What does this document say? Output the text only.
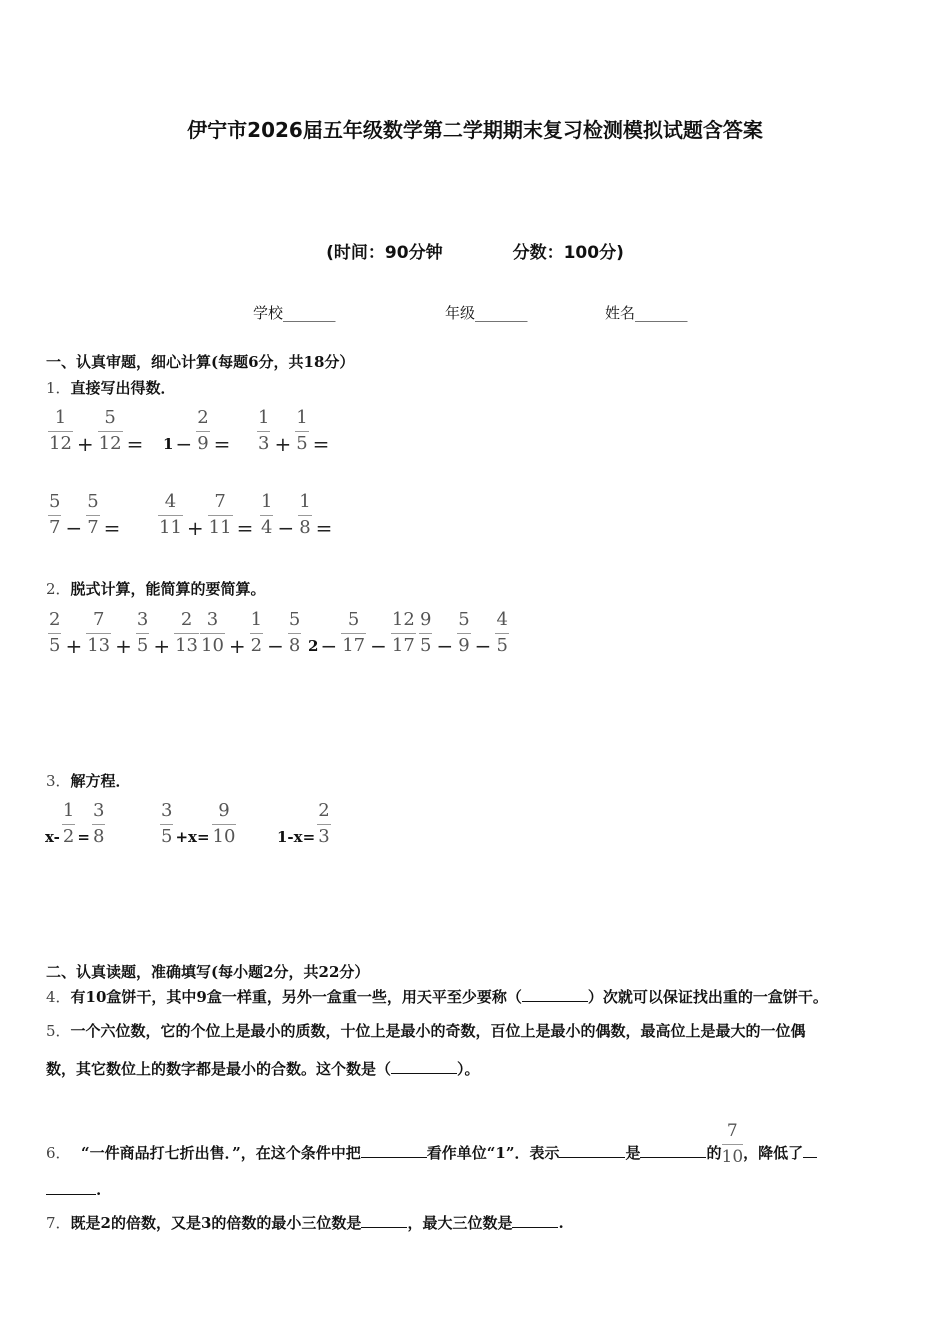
伊宁市2026届五年级数学第二学期期末复习检测模拟试题含答案
(时间：90分钟	分数：100分)
学校_______	年级_______	姓名_______
一、认真审题，细心计算(每题6分，共18分）
1．直接写出得数．
$\frac{1}{12} + \frac{5}{12} = 1 - \frac{2}{9} = \frac{1}{3} + \frac{1}{5}$ =
$\frac{5}{7} - \frac{5}{7} = \frac{4}{11} + \frac{7}{11} = \frac{1}{4} - \frac{1}{8}$ =
2．脱式计算，能简算的要简算。
$\frac{2}{5} + \frac{7}{13} + \frac{3}{5} + \frac{2}{13} \frac{3}{10} + \frac{1}{2} - \frac{5}{8} 2 - \frac{5}{17} - \frac{12}{17} \frac{9}{5} - \frac{5}{9} - \frac{4}{5}$
3．解方程．
$x- \frac{1}{2} = \frac{3}{8}$	$\frac{3}{5} +x= \frac{9}{10}$	$1-x= \frac{2}{3}$
二、认真读题，准确填写(每小题2分，共22分）
4．有10盒饼干，其中9盒一样重，另外一盒重一些，用天平至少要称（	）次就可以保证找出重的一盒饼干。
5．一个六位数，它的个位上是最小的质数，十位上是最小的奇数，百位上是最小的偶数，最高位上是最大的一位偶
数，其它数位上的数字都是最小的合数。这个数是（	）。
6． “一件商品打七折出售．”，在这个条件中把	看作单位“1”．表示	是	的 $\frac{7}{10}$ ，降低了
.
7．既是2的倍数，又是3的倍数的最小三位数是	，最大三位数是	.
